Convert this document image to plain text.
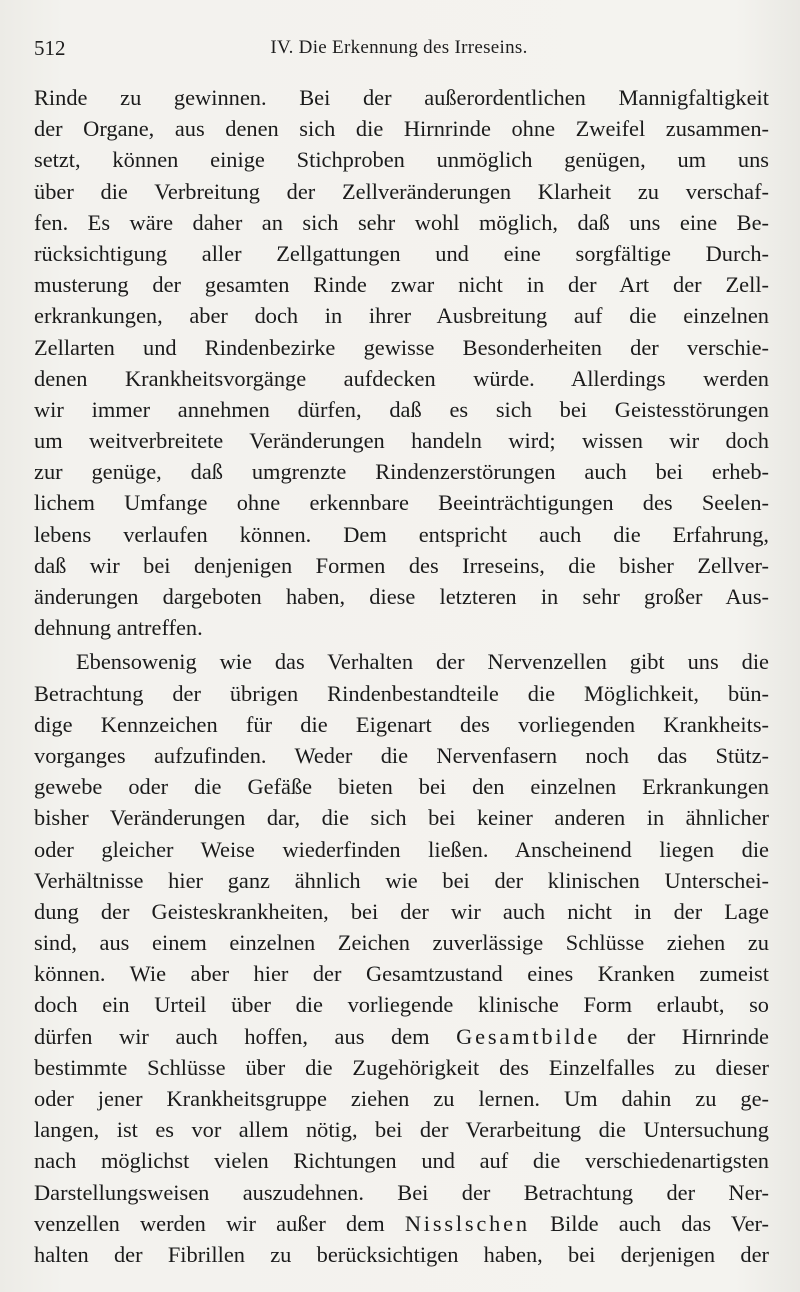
512	IV. Die Erkennung des Irreseins.
Rinde zu gewinnen. Bei der außerordentlichen Mannigfaltigkeit
der Organe, aus denen sich die Hirnrinde ohne Zweifel zusammen-
setzt, können einige Stichproben unmöglich genügen, um uns
über die Verbreitung der Zellveränderungen Klarheit zu verschaf-
fen. Es wäre daher an sich sehr wohl möglich, daß uns eine Be-
rücksichtigung aller Zellgattungen und eine sorgfältige Durch-
musterung der gesamten Rinde zwar nicht in der Art der Zell-
erkrankungen, aber doch in ihrer Ausbreitung auf die einzelnen
Zellarten und Rindenbezirke gewisse Besonderheiten der verschie-
denen Krankheitsvorgänge aufdecken würde. Allerdings werden
wir immer annehmen dürfen, daß es sich bei Geistesstörungen
um weitverbreitete Veränderungen handeln wird; wissen wir doch
zur genüge, daß umgrenzte Rindenzerstörungen auch bei erheb-
lichem Umfange ohne erkennbare Beeinträchtigungen des Seelen-
lebens verlaufen können. Dem entspricht auch die Erfahrung,
daß wir bei denjenigen Formen des Irreseins, die bisher Zellver-
änderungen dargeboten haben, diese letzteren in sehr großer Aus-
dehnung antreffen.
Ebensowenig wie das Verhalten der Nervenzellen gibt uns die
Betrachtung der übrigen Rindenbestandteile die Möglichkeit, bün-
dige Kennzeichen für die Eigenart des vorliegenden Krankheits-
vorganges aufzufinden. Weder die Nervenfasern noch das Stütz-
gewebe oder die Gefäße bieten bei den einzelnen Erkrankungen
bisher Veränderungen dar, die sich bei keiner anderen in ähnlicher
oder gleicher Weise wiederfinden ließen. Anscheinend liegen die
Verhältnisse hier ganz ähnlich wie bei der klinischen Unterschei-
dung der Geisteskrankheiten, bei der wir auch nicht in der Lage
sind, aus einem einzelnen Zeichen zuverlässige Schlüsse ziehen zu
können. Wie aber hier der Gesamtzustand eines Kranken zumeist
doch ein Urteil über die vorliegende klinische Form erlaubt, so
dürfen wir auch hoffen, aus dem Gesamtbilde der Hirnrinde
bestimmte Schlüsse über die Zugehörigkeit des Einzelfalles zu dieser
oder jener Krankheitsgruppe ziehen zu lernen. Um dahin zu ge-
langen, ist es vor allem nötig, bei der Verarbeitung die Untersuchung
nach möglichst vielen Richtungen und auf die verschiedenartigsten
Darstellungsweisen auszudehnen. Bei der Betrachtung der Ner-
venzellen werden wir außer dem Nisslschen Bilde auch das Ver-
halten der Fibrillen zu berücksichtigen haben, bei derjenigen der
